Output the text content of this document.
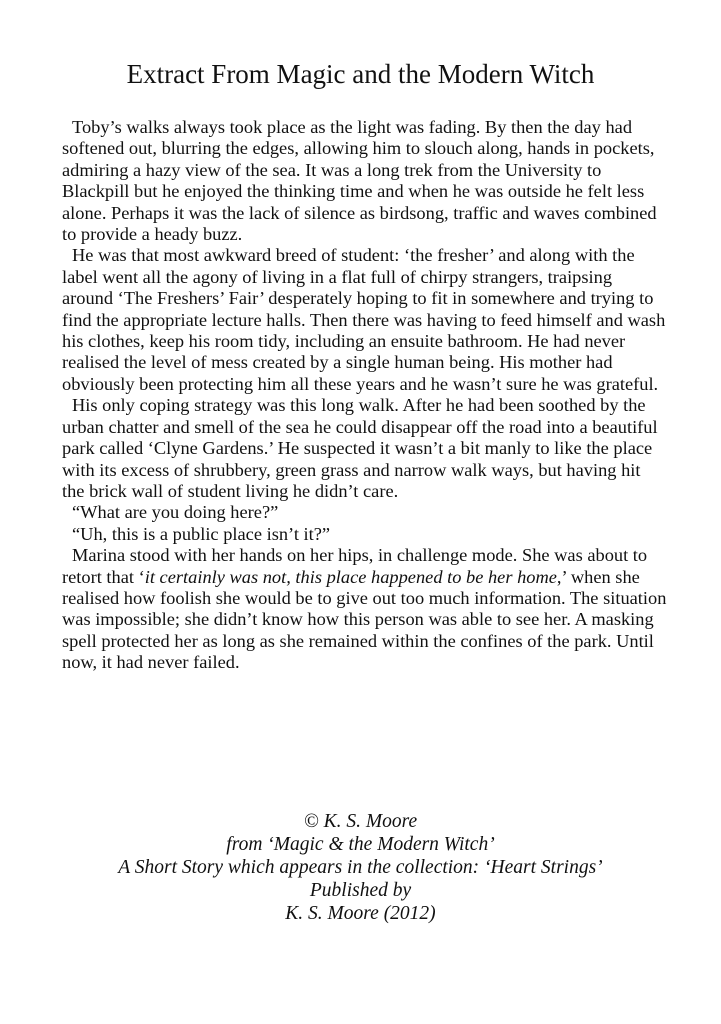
Extract From Magic and the Modern Witch

Toby’s walks always took place as the light was fading. By then the day had softened out, blurring the edges, allowing him to slouch along, hands in pockets, admiring a hazy view of the sea. It was a long trek from the University to Blackpill but he enjoyed the thinking time and when he was outside he felt less alone. Perhaps it was the lack of silence as birdsong, traffic and waves combined to provide a heady buzz.

He was that most awkward breed of student: ‘the fresher’ and along with the label went all the agony of living in a flat full of chirpy strangers, traipsing around ‘The Freshers’ Fair’ desperately hoping to fit in somewhere and trying to find the appropriate lecture halls. Then there was having to feed himself and wash his clothes, keep his room tidy, including an ensuite bathroom. He had never realised the level of mess created by a single human being. His mother had obviously been protecting him all these years and he wasn’t sure he was grateful.

His only coping strategy was this long walk. After he had been soothed by the urban chatter and smell of the sea he could disappear off the road into a beautiful park called ‘Clyne Gardens.’ He suspected it wasn’t a bit manly to like the place with its excess of shrubbery, green grass and narrow walk ways, but having hit the brick wall of student living he didn’t care.

“What are you doing here?”

“Uh, this is a public place isn’t it?”

Marina stood with her hands on her hips, in challenge mode. She was about to retort that ‘it certainly was not, this place happened to be her home,’ when she realised how foolish she would be to give out too much information. The situation was impossible; she didn’t know how this person was able to see her. A masking spell protected her as long as she remained within the confines of the park. Until now, it had never failed.

© K. S. Moore
from ‘Magic & the Modern Witch’
A Short Story which appears in the collection: ‘Heart Strings’
Published by
K. S. Moore (2012)
